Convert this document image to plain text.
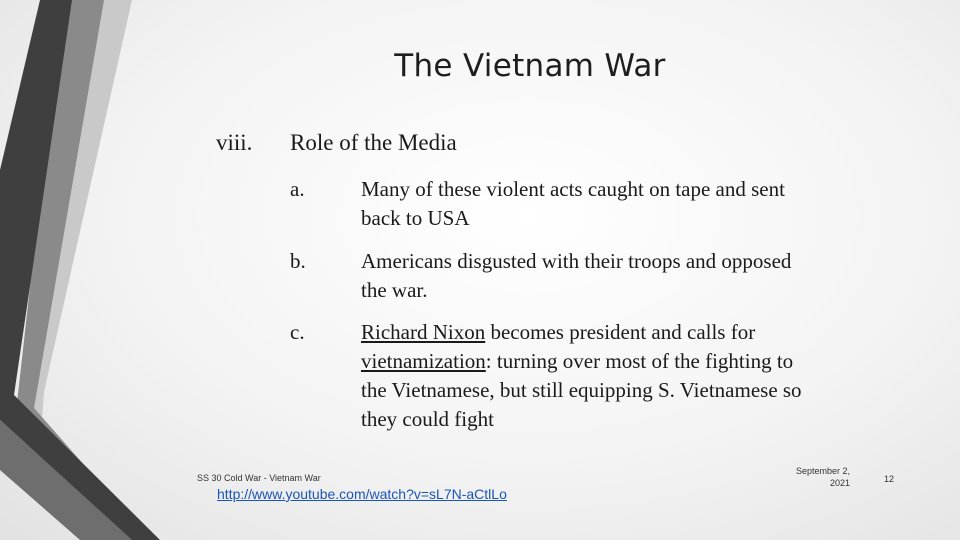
The Vietnam War
viii. Role of the Media
a.	Many of these violent acts caught on tape and sent back to USA
b.	Americans disgusted with their troops and opposed the war.
c.	Richard Nixon becomes president and calls for vietnamization: turning over most of the fighting to the Vietnamese, but still equipping S. Vietnamese so they could fight
SS 30 Cold War - Vietnam War
http://www.youtube.com/watch?v=sL7N-aCtlLo
September 2,
2021	12
